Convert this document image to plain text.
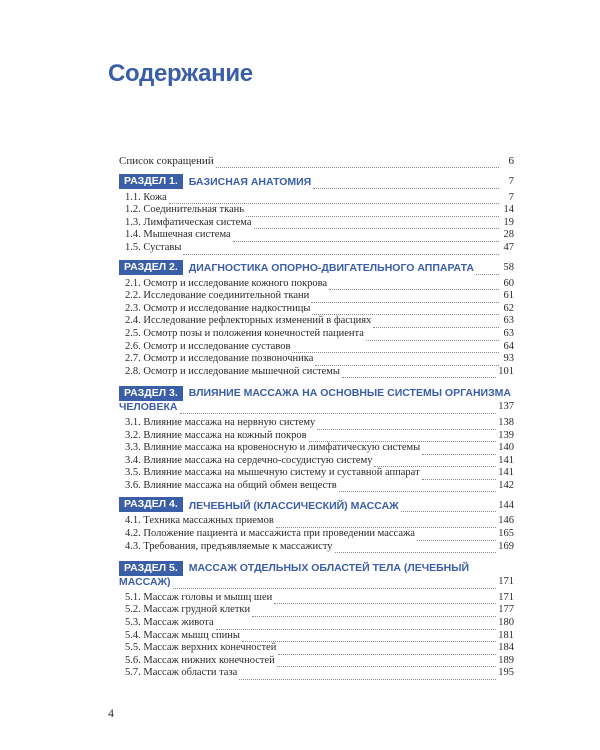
Содержание
Список сокращений	6
РАЗДЕЛ 1.	БАЗИСНАЯ АНАТОМИЯ	7
1.1. Кожа	7
1.2. Соединительная ткань	14
1.3. Лимфатическая система	19
1.4. Мышечная система	28
1.5. Суставы	47
РАЗДЕЛ 2.	ДИАГНОСТИКА ОПОРНО-ДВИГАТЕЛЬНОГО АППАРАТА	58
2.1. Осмотр и исследование кожного покрова	60
2.2. Исследование соединительной ткани	61
2.3. Осмотр и исследование надкостницы	62
2.4. Исследование рефлекторных изменений в фасциях	63
2.5. Осмотр позы и положения конечностей пациента	63
2.6. Осмотр и исследование суставов	64
2.7. Осмотр и исследование позвоночника	93
2.8. Осмотр и исследование мышечной системы	101
РАЗДЕЛ 3. ВЛИЯНИЕ МАССАЖА НА ОСНОВНЫЕ СИСТЕМЫ ОРГАНИЗМА
ЧЕЛОВЕКА	137
3.1. Влияние массажа на нервную систему	138
3.2. Влияние массажа на кожный покров	139
3.3. Влияние массажа на кровеносную и лимфатическую системы	140
3.4. Влияние массажа на сердечно-сосудистую систему	141
3.5. Влияние массажа на мышечную систему и суставной аппарат	141
3.6. Влияние массажа на общий обмен веществ	142
РАЗДЕЛ 4.	ЛЕЧЕБНЫЙ (КЛАССИЧЕСКИЙ) МАССАЖ	144
4.1. Техника массажных приемов	146
4.2. Положение пациента и массажиста при проведении массажа	165
4.3. Требования, предъявляемые к массажисту	169
РАЗДЕЛ 5. МАССАЖ ОТДЕЛЬНЫХ ОБЛАСТЕЙ ТЕЛА (ЛЕЧЕБНЫЙ
МАССАЖ)	171
5.1. Массаж головы и мышц шеи	171
5.2. Массаж грудной клетки	177
5.3. Массаж живота	180
5.4. Массаж мышц спины	181
5.5. Массаж верхних конечностей	184
5.6. Массаж нижних конечностей	189
5.7. Массаж области таза	195
4
